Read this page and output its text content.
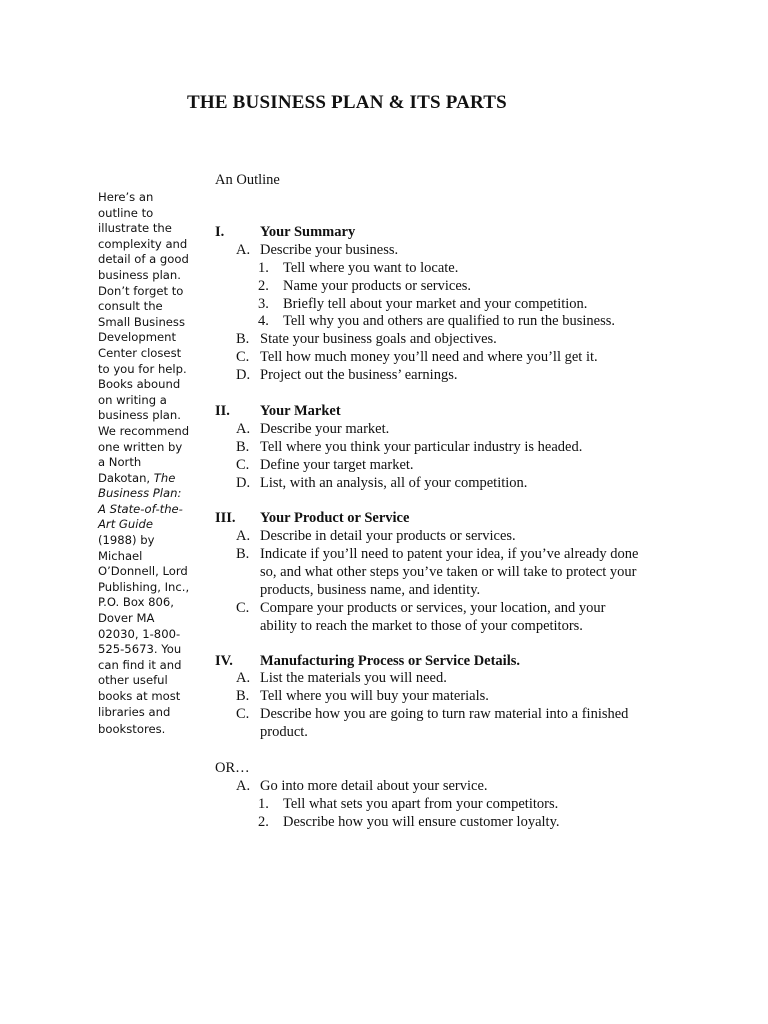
THE BUSINESS PLAN & ITS PARTS
Here’s an
outline to
illustrate the
complexity and
detail of a good
business plan.
Don’t forget to
consult the
Small Business
Development
Center closest
to you for help.
Books abound
on writing a
business plan.
We recommend
one written by
a North
Dakotan, The
Business Plan:
A State-of-the-
Art Guide
(1988) by
Michael
O’Donnell, Lord
Publishing, Inc.,
P.O. Box 806,
Dover MA
02030, 1-800-
525-5673. You
can find it and
other useful
books at most
libraries and
bookstores.
An Outline
I. Your Summary
A. Describe your business.
1. Tell where you want to locate.
2. Name your products or services.
3. Briefly tell about your market and your competition.
4. Tell why you and others are qualified to run the business.
B. State your business goals and objectives.
C. Tell how much money you’ll need and where you’ll get it.
D. Project out the business’ earnings.
II. Your Market
A. Describe your market.
B. Tell where you think your particular industry is headed.
C. Define your target market.
D. List, with an analysis, all of your competition.
III. Your Product or Service
A. Describe in detail your products or services.
B. Indicate if you’ll need to patent your idea, if you’ve already done
so, and what other steps you’ve taken or will take to protect your
products, business name, and identity.
C. Compare your products or services, your location, and your
ability to reach the market to those of your competitors.
IV. Manufacturing Process or Service Details.
A. List the materials you will need.
B. Tell where you will buy your materials.
C. Describe how you are going to turn raw material into a finished
product.
OR…
A. Go into more detail about your service.
1. Tell what sets you apart from your competitors.
2. Describe how you will ensure customer loyalty.
